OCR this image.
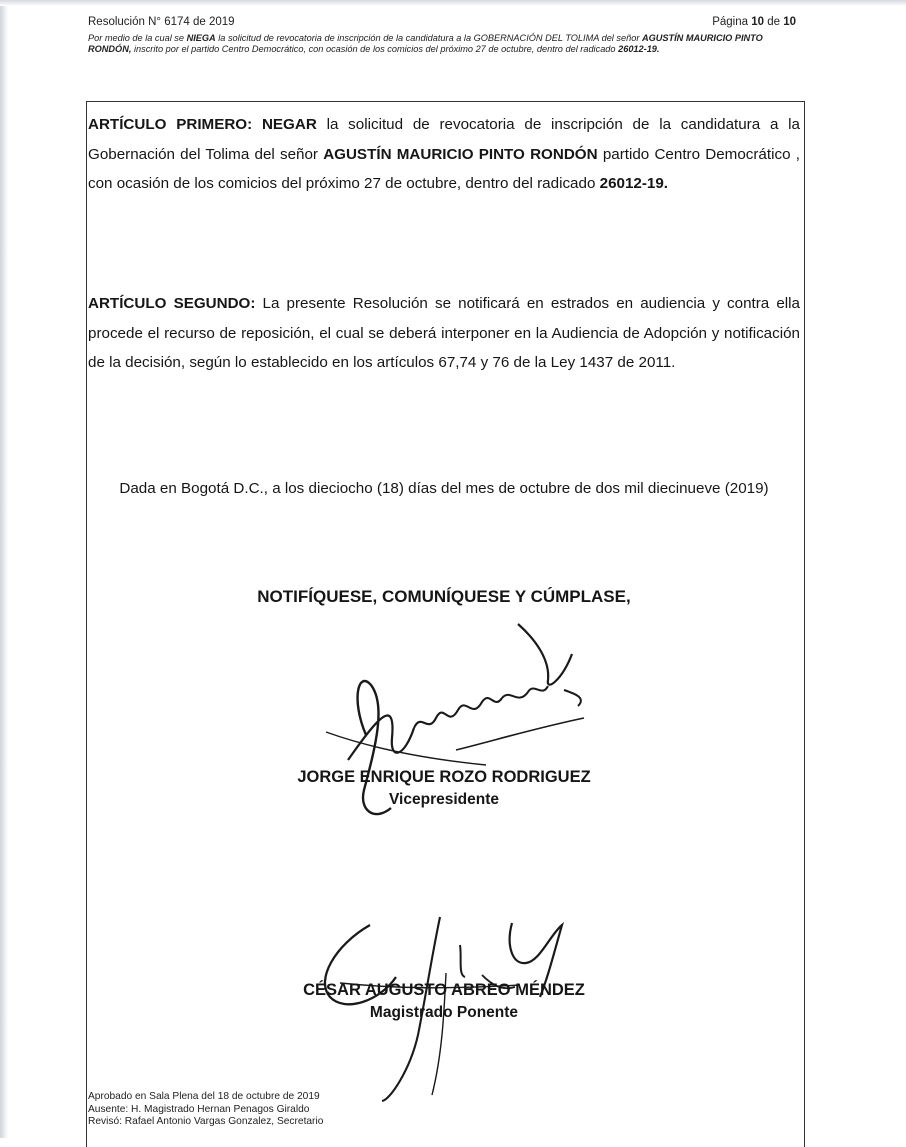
Resolución N° 6174 de 2019	Página 10 de 10
Por medio de la cual se NIEGA la solicitud de revocatoria de inscripción de la candidatura a la GOBERNACIÓN DEL TOLIMA del señor AGUSTÍN MAURICIO PINTO RONDÓN, inscrito por el partido Centro Democrático, con ocasión de los comicios del próximo 27 de octubre, dentro del radicado 26012-19.
ARTÍCULO PRIMERO: NEGAR la solicitud de revocatoria de inscripción de la candidatura a la Gobernación del Tolima del señor AGUSTÍN MAURICIO PINTO RONDÓN partido Centro Democrático , con ocasión de los comicios del próximo 27 de octubre, dentro del radicado 26012-19.
ARTÍCULO SEGUNDO: La presente Resolución se notificará en estrados en audiencia y contra ella procede el recurso de reposición, el cual se deberá interponer en la Audiencia de Adopción y notificación de la decisión, según lo establecido en los artículos 67,74 y 76 de la Ley 1437 de 2011.
Dada en Bogotá D.C., a los dieciocho (18) días del mes de octubre de dos mil diecinueve (2019)
NOTIFÍQUESE, COMUNÍQUESE Y CÚMPLASE,
JORGE ENRIQUE ROZO RODRIGUEZ
Vicepresidente
CÉSAR AUGUSTO ABREO MÉNDEZ
Magistrado Ponente
Aprobado en Sala Plena del 18 de octubre de 2019
Ausente: H. Magistrado Hernan Penagos Giraldo
Revisó: Rafael Antonio Vargas Gonzalez, Secretario
